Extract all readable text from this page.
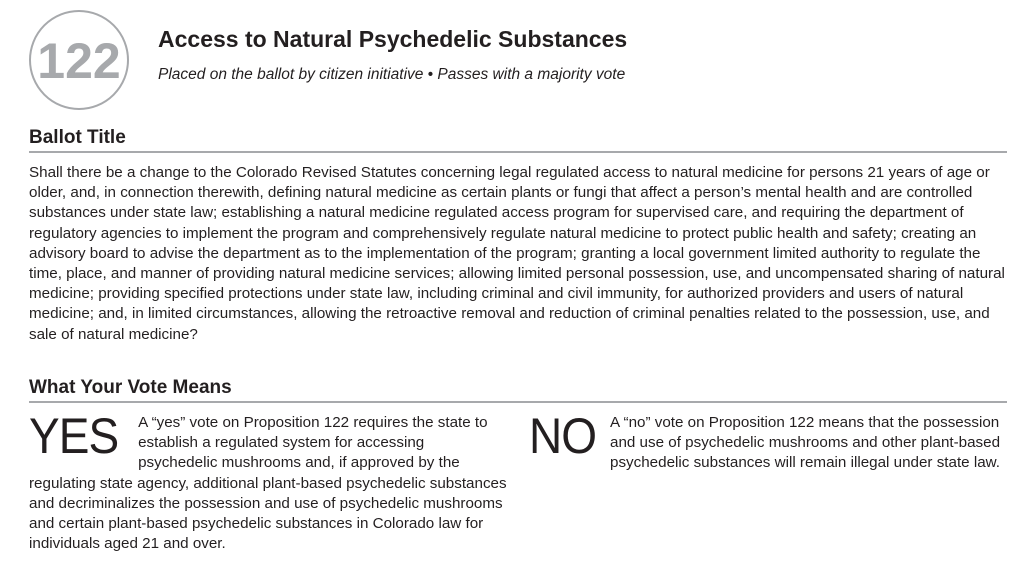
122 Access to Natural Psychedelic Substances
Placed on the ballot by citizen initiative • Passes with a majority vote
Ballot Title
Shall there be a change to the Colorado Revised Statutes concerning legal regulated access to natural medicine for persons 21 years of age or older, and, in connection therewith, defining natural medicine as certain plants or fungi that affect a person’s mental health and are controlled substances under state law; establishing a natural medicine regulated access program for supervised care, and requiring the department of regulatory agencies to implement the program and comprehensively regulate natural medicine to protect public health and safety; creating an advisory board to advise the department as to the implementation of the program; granting a local government limited authority to regulate the time, place, and manner of providing natural medicine services; allowing limited personal possession, use, and uncompensated sharing of natural medicine; providing specified protections under state law, including criminal and civil immunity, for authorized providers and users of natural medicine; and, in limited circumstances, allowing the retroactive removal and reduction of criminal penalties related to the possession, use, and sale of natural medicine?
What Your Vote Means
YES A “yes” vote on Proposition 122 requires the state to establish a regulated system for accessing psychedelic mushrooms and, if approved by the regulating state agency, additional plant-based psychedelic substances and decriminalizes the possession and use of psychedelic mushrooms and certain plant-based psychedelic substances in Colorado law for individuals aged 21 and over.
NO A “no” vote on Proposition 122 means that the possession and use of psychedelic mushrooms and other plant-based psychedelic substances will remain illegal under state law.
